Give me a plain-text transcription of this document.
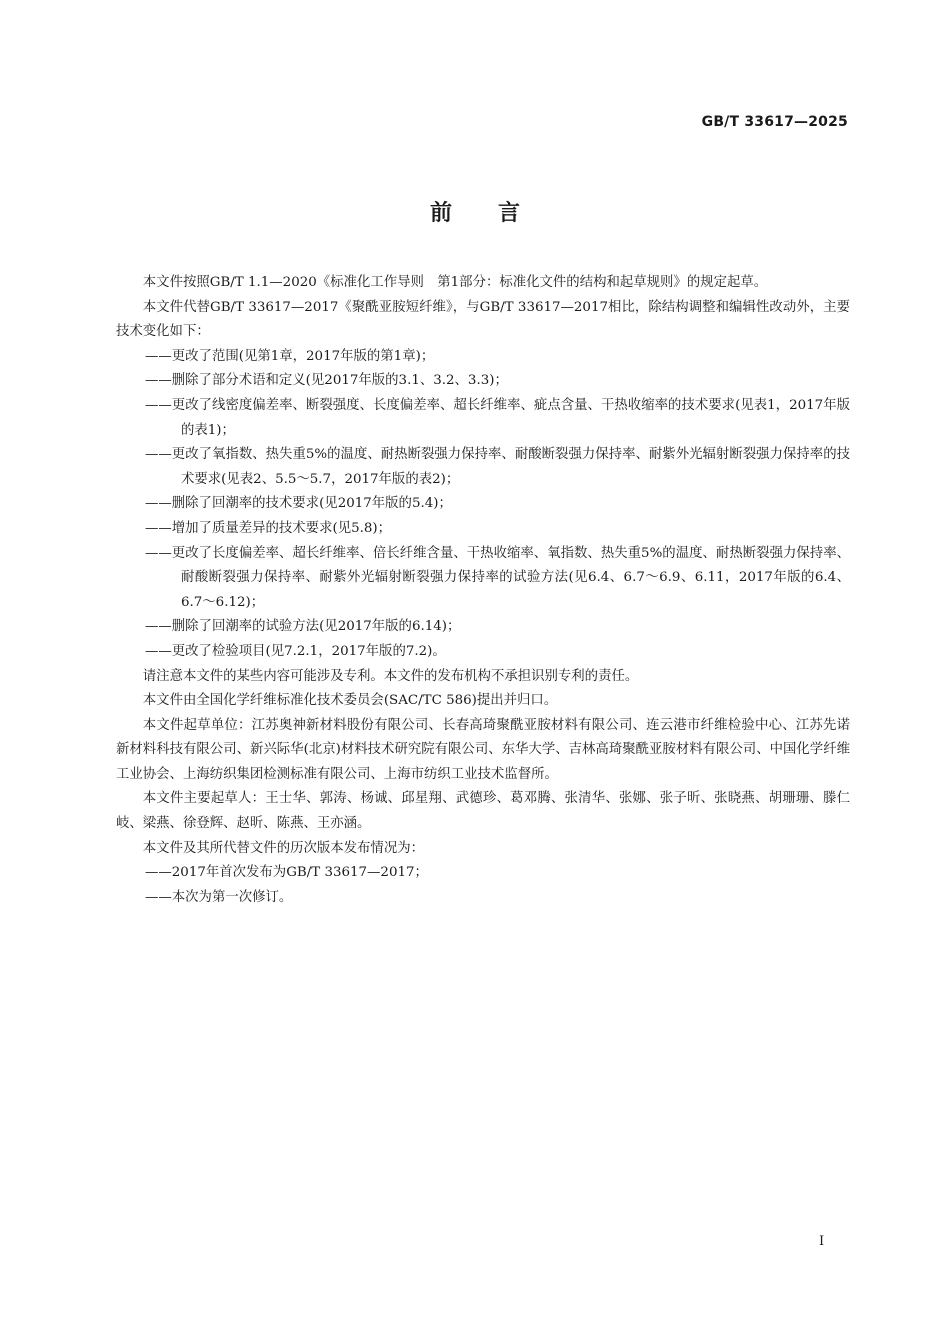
GB/T 33617—2025
前言

本文件按照GB/T 1.1—2020《标准化工作导则　第1部分：标准化文件的结构和起草规则》的规定起草。

本文件代替GB/T 33617—2017《聚酰亚胺短纤维》，与GB/T 33617—2017相比，除结构调整和编辑性改动外，主要技术变化如下：

——更改了范围(见第1章，2017年版的第1章)；

——删除了部分术语和定义(见2017年版的3.1、3.2、3.3)；

——更改了线密度偏差率、断裂强度、长度偏差率、超长纤维率、疵点含量、干热收缩率的技术要求(见表1，2017年版的表1)；

——更改了氧指数、热失重5%的温度、耐热断裂强力保持率、耐酸断裂强力保持率、耐紫外光辐射断裂强力保持率的技术要求(见表2、5.5～5.7，2017年版的表2)；

——删除了回潮率的技术要求(见2017年版的5.4)；

——增加了质量差异的技术要求(见5.8)；

——更改了长度偏差率、超长纤维率、倍长纤维含量、干热收缩率、氧指数、热失重5%的温度、耐热断裂强力保持率、耐酸断裂强力保持率、耐紫外光辐射断裂强力保持率的试验方法(见6.4、6.7～6.9、6.11，2017年版的6.4、6.7～6.12)；

——删除了回潮率的试验方法(见2017年版的6.14)；

——更改了检验项目(见7.2.1，2017年版的7.2)。

请注意本文件的某些内容可能涉及专利。本文件的发布机构不承担识别专利的责任。

本文件由全国化学纤维标准化技术委员会(SAC/TC 586)提出并归口。

本文件起草单位：江苏奥神新材料股份有限公司、长春高琦聚酰亚胺材料有限公司、连云港市纤维检验中心、江苏先诺新材料科技有限公司、新兴际华(北京)材料技术研究院有限公司、东华大学、吉林高琦聚酰亚胺材料有限公司、中国化学纤维工业协会、上海纺织集团检测标准有限公司、上海市纺织工业技术监督所。

本文件主要起草人：王士华、郭涛、杨诚、邱星翔、武德珍、葛邓腾、张清华、张娜、张子昕、张晓燕、胡珊珊、滕仁岐、梁燕、徐登辉、赵昕、陈燕、王亦涵。

本文件及其所代替文件的历次版本发布情况为：

——2017年首次发布为GB/T 33617—2017；

——本次为第一次修订。

I
